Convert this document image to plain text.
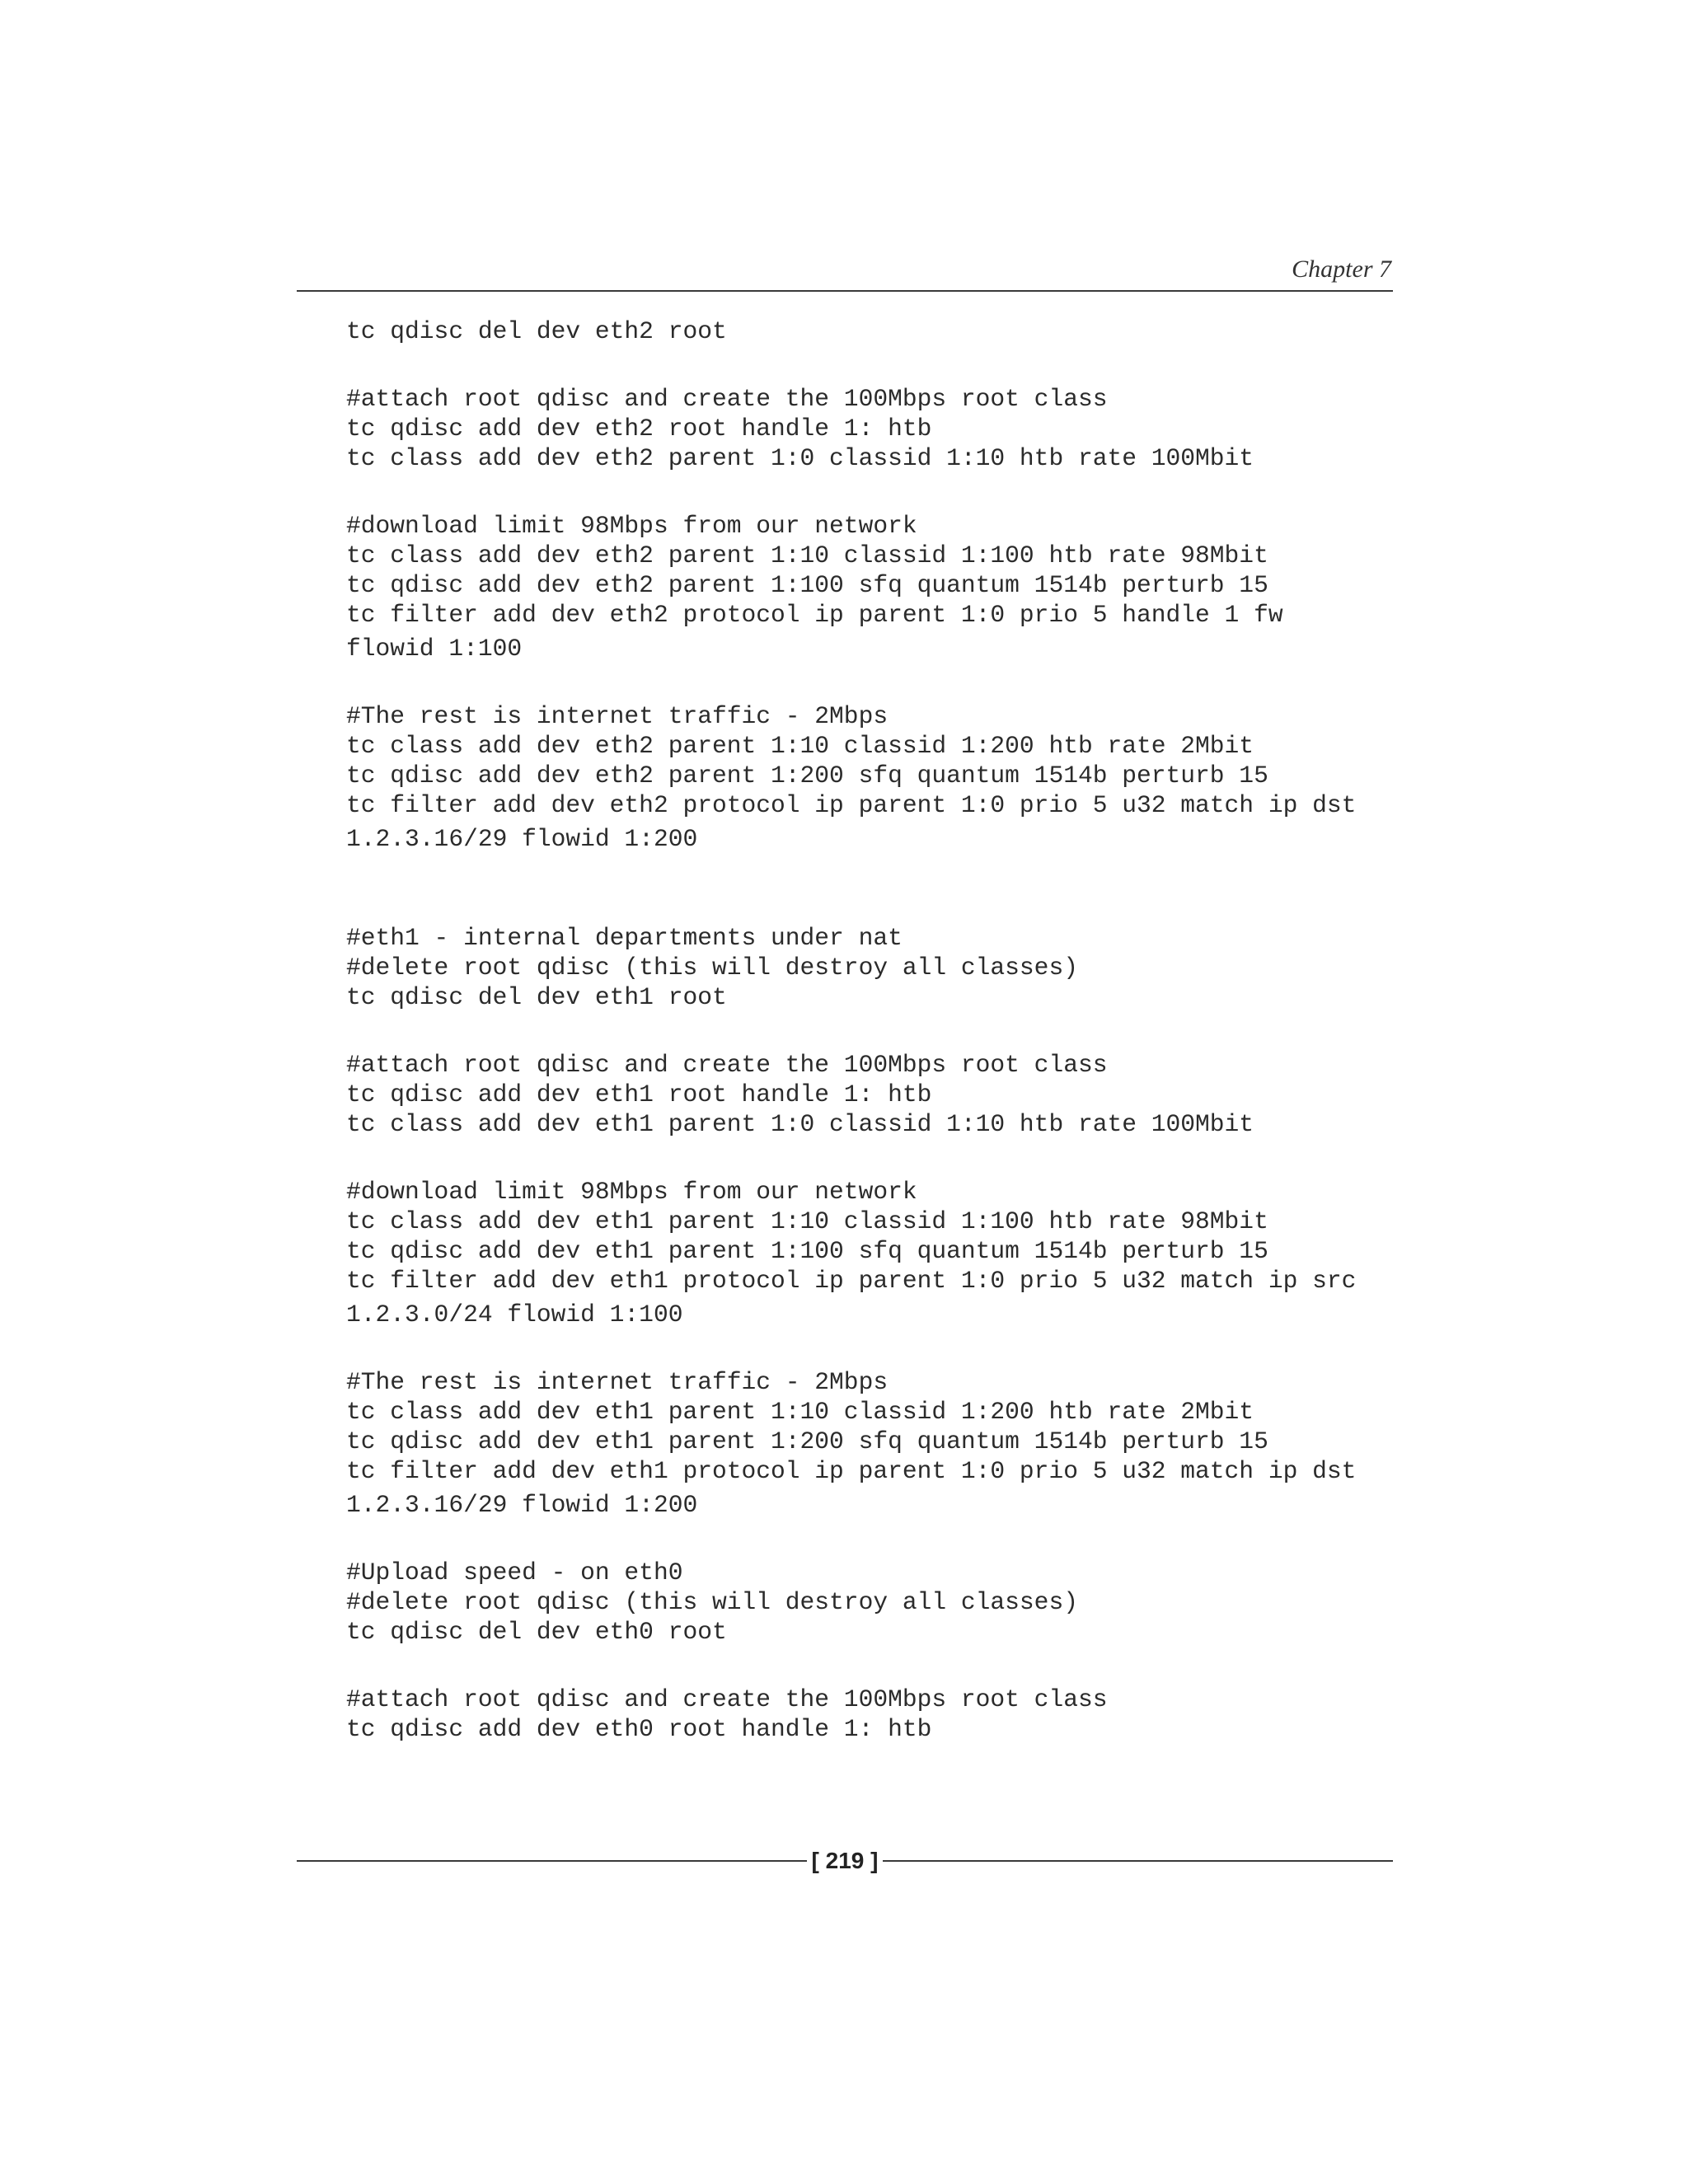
Chapter 7
tc qdisc del dev eth2 root
#attach root qdisc and create the 100Mbps root class
tc qdisc add dev eth2 root handle 1: htb
tc class add dev eth2 parent 1:0 classid 1:10 htb rate 100Mbit
#download limit 98Mbps from our network
tc class add dev eth2 parent 1:10 classid 1:100 htb rate 98Mbit
tc qdisc add dev eth2 parent 1:100 sfq quantum 1514b perturb 15
tc filter add dev eth2 protocol ip parent 1:0 prio 5 handle 1 fw
flowid 1:100
#The rest is internet traffic - 2Mbps
tc class add dev eth2 parent 1:10 classid 1:200 htb rate 2Mbit
tc qdisc add dev eth2 parent 1:200 sfq quantum 1514b perturb 15
tc filter add dev eth2 protocol ip parent 1:0 prio 5 u32 match ip dst
1.2.3.16/29 flowid 1:200
#eth1 - internal departments under nat
#delete root qdisc (this will destroy all classes)
tc qdisc del dev eth1 root
#attach root qdisc and create the 100Mbps root class
tc qdisc add dev eth1 root handle 1: htb
tc class add dev eth1 parent 1:0 classid 1:10 htb rate 100Mbit
#download limit 98Mbps from our network
tc class add dev eth1 parent 1:10 classid 1:100 htb rate 98Mbit
tc qdisc add dev eth1 parent 1:100 sfq quantum 1514b perturb 15
tc filter add dev eth1 protocol ip parent 1:0 prio 5 u32 match ip src
1.2.3.0/24 flowid 1:100
#The rest is internet traffic - 2Mbps
tc class add dev eth1 parent 1:10 classid 1:200 htb rate 2Mbit
tc qdisc add dev eth1 parent 1:200 sfq quantum 1514b perturb 15
tc filter add dev eth1 protocol ip parent 1:0 prio 5 u32 match ip dst
1.2.3.16/29 flowid 1:200
#Upload speed - on eth0
#delete root qdisc (this will destroy all classes)
tc qdisc del dev eth0 root
#attach root qdisc and create the 100Mbps root class
tc qdisc add dev eth0 root handle 1: htb
[ 219 ]
